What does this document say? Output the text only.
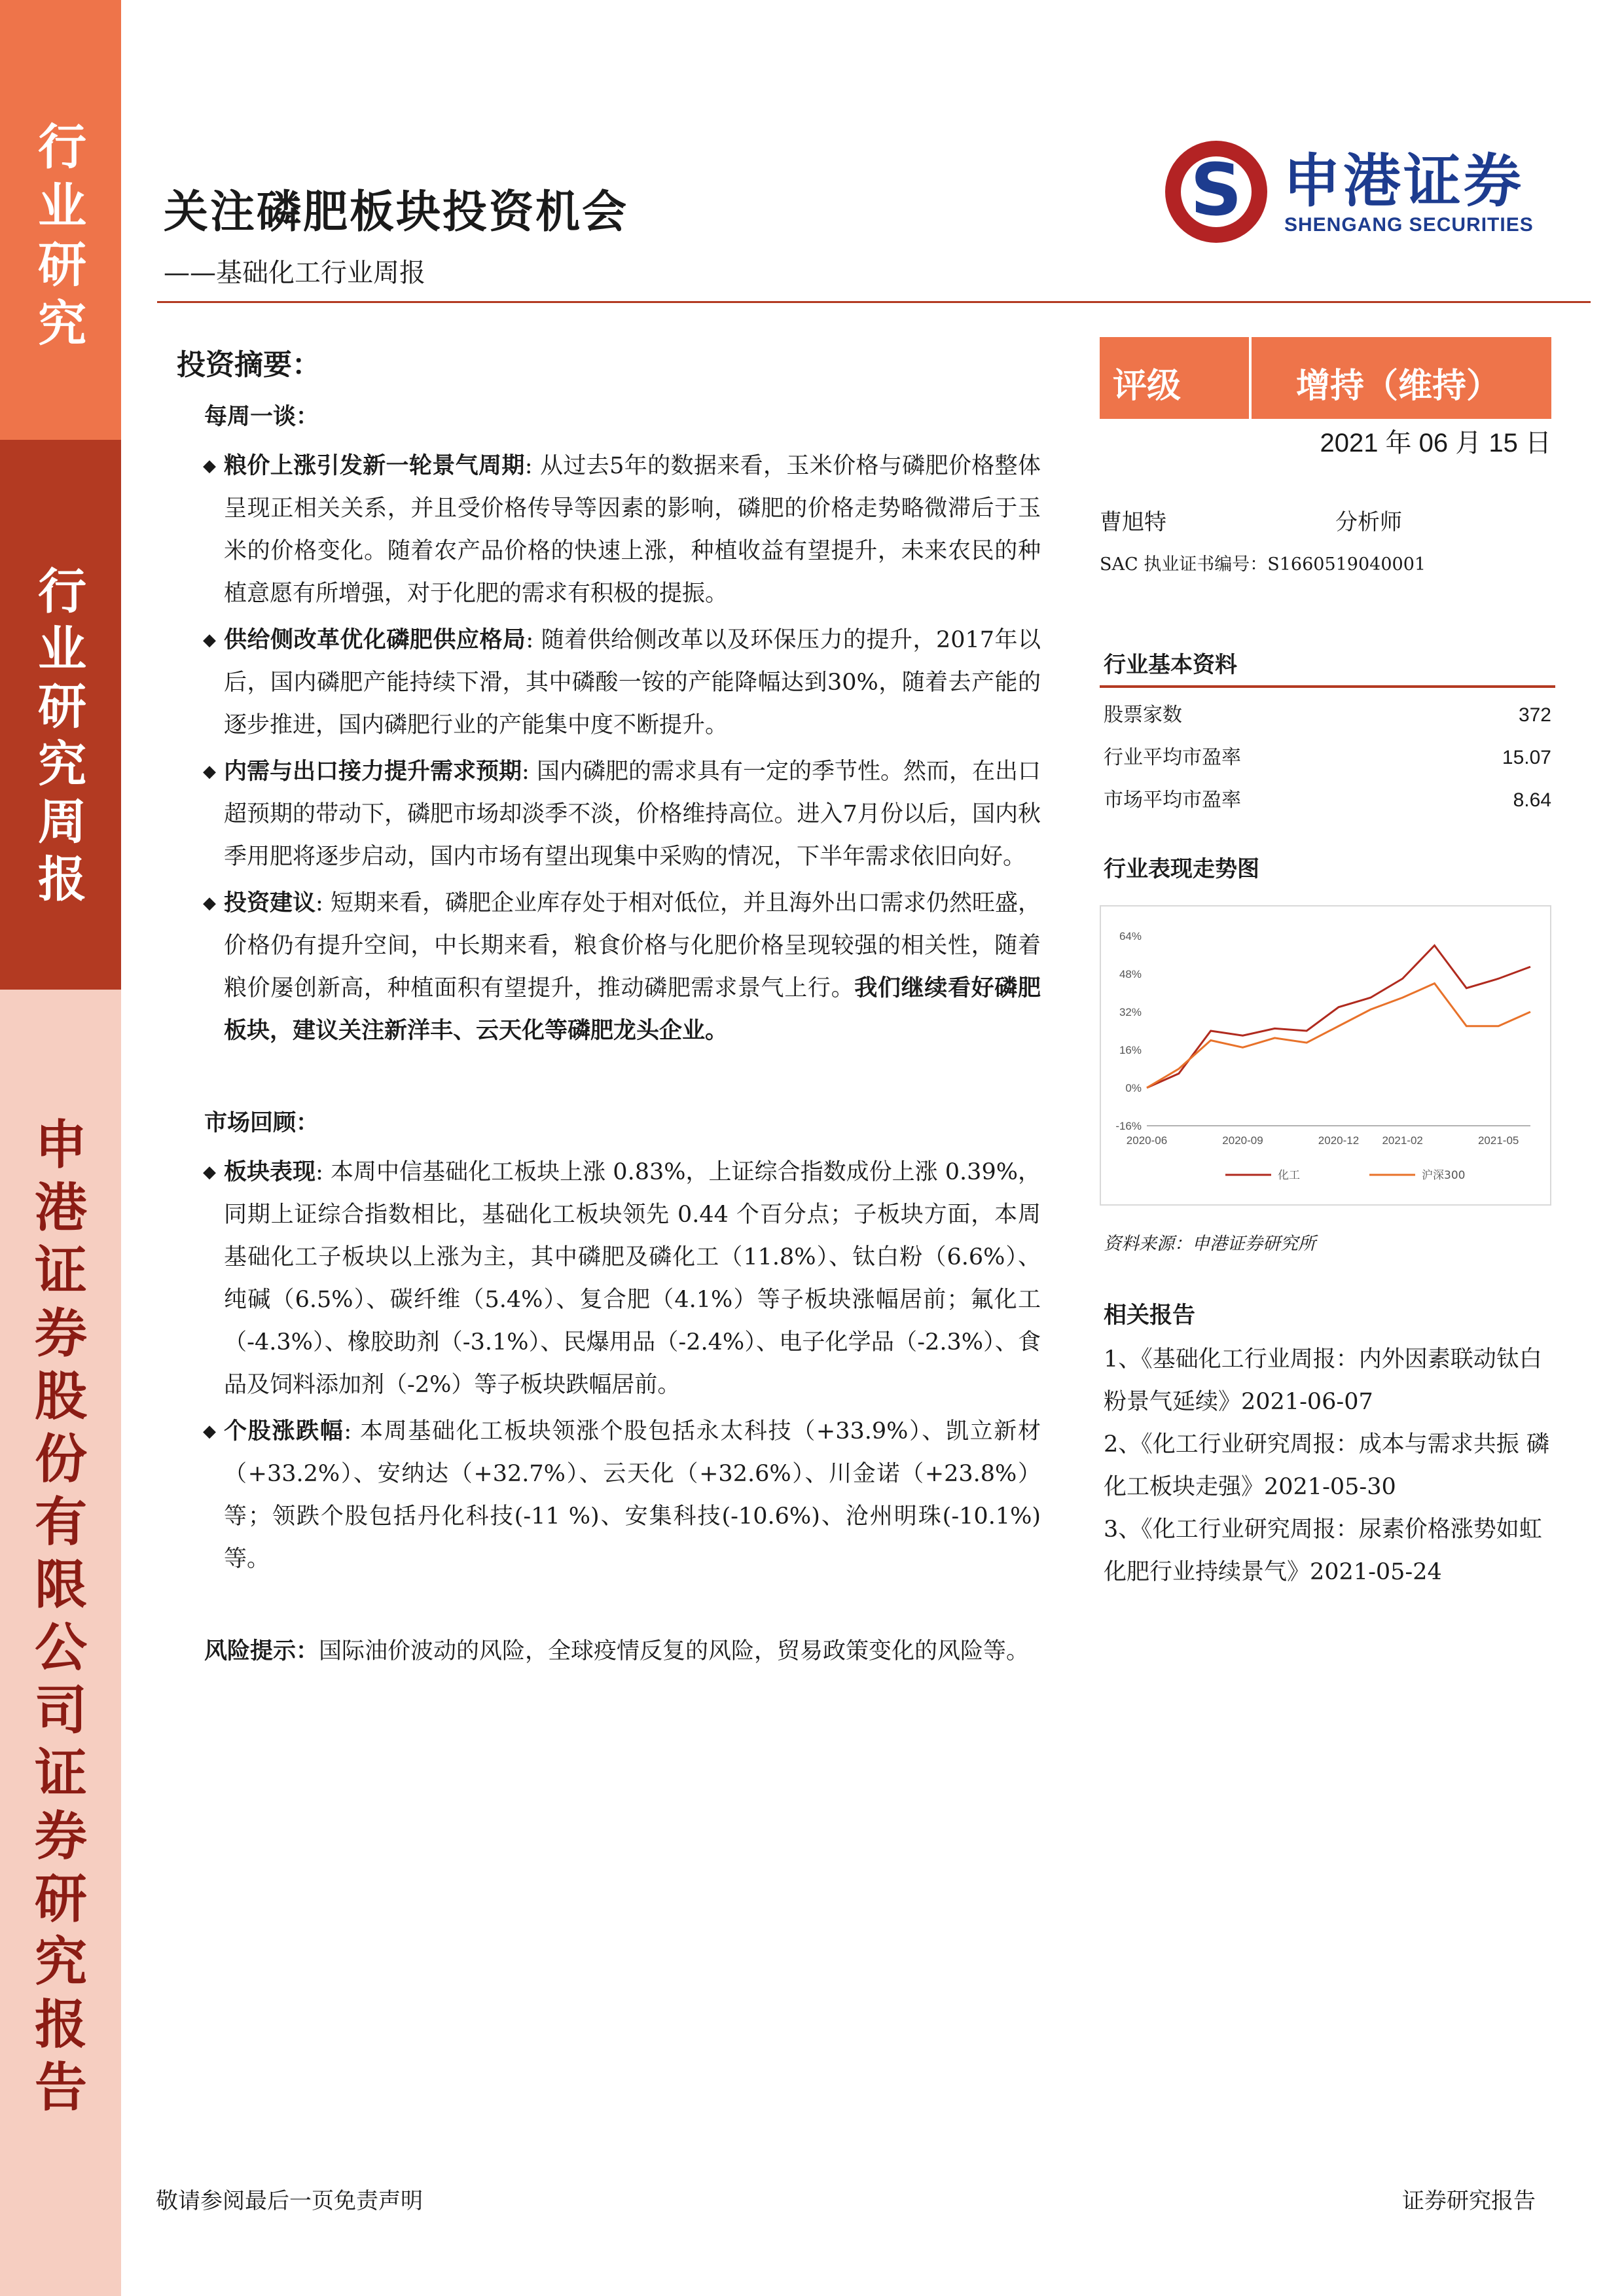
行业研究
行业研究周报
申港证券股份有限公司证券研究报告
关注磷肥板块投资机会
——基础化工行业周报
S 申港证券
SHENGANG SECURITIES
投资摘要：
每周一谈：
◆ 粮价上涨引发新一轮景气周期: 从过去5年的数据来看，玉米价格与磷肥价格整体呈现正相关关系，并且受价格传导等因素的影响，磷肥的价格走势略微滞后于玉米的价格变化。随着农产品价格的快速上涨，种植收益有望提升，未来农民的种植意愿有所增强，对于化肥的需求有积极的提振。
◆ 供给侧改革优化磷肥供应格局: 随着供给侧改革以及环保压力的提升，2017年以后，国内磷肥产能持续下滑，其中磷酸一铵的产能降幅达到30%，随着去产能的逐步推进，国内磷肥行业的产能集中度不断提升。
◆ 内需与出口接力提升需求预期: 国内磷肥的需求具有一定的季节性。然而，在出口超预期的带动下，磷肥市场却淡季不淡，价格维持高位。进入7月份以后，国内秋季用肥将逐步启动，国内市场有望出现集中采购的情况，下半年需求依旧向好。
◆ 投资建议: 短期来看，磷肥企业库存处于相对低位，并且海外出口需求仍然旺盛，价格仍有提升空间，中长期来看，粮食价格与化肥价格呈现较强的相关性，随着粮价屡创新高，种植面积有望提升，推动磷肥需求景气上行。我们继续看好磷肥板块，建议关注新洋丰、云天化等磷肥龙头企业。
市场回顾：
◆ 板块表现: 本周中信基础化工板块上涨 0.83%，上证综合指数成份上涨 0.39%，同期上证综合指数相比，基础化工板块领先 0.44 个百分点；子板块方面，本周基础化工子板块以上涨为主，其中磷肥及磷化工（11.8%）、钛白粉（6.6%）、纯碱（6.5%）、碳纤维（5.4%）、复合肥（4.1%）等子板块涨幅居前；氟化工（-4.3%）、橡胶助剂（-3.1%）、民爆用品（-2.4%）、电子化学品（-2.3%）、食品及饲料添加剂（-2%）等子板块跌幅居前。
◆ 个股涨跌幅: 本周基础化工板块领涨个股包括永太科技（+33.9%）、凯立新材（+33.2%）、安纳达（+32.7%）、云天化（+32.6%）、川金诺（+23.8%）等；领跌个股包括丹化科技(-11 %)、安集科技(-10.6%)、沧州明珠(-10.1%)等。
风险提示：国际油价波动的风险，全球疫情反复的风险，贸易政策变化的风险等。
评级	增持（维持）
2021 年 06 月 15 日
曹旭特	分析师
SAC 执业证书编号：S1660519040001
行业基本资料
股票家数	372
行业平均市盈率	15.07
市场平均市盈率	8.64
行业表现走势图
64%
48%
32%
16%
0%
-16%
2020-06	2020-09	2020-12 2021-02	2021-05
化工	沪深300
资料来源：申港证券研究所
相关报告
1、《基础化工行业周报：内外因素联动钛白粉景气延续》2021-06-07
2、《化工行业研究周报：成本与需求共振 磷化工板块走强》2021-05-30
3、《化工行业研究周报：尿素价格涨势如虹 化肥行业持续景气》2021-05-24
敬请参阅最后一页免责声明	证券研究报告
